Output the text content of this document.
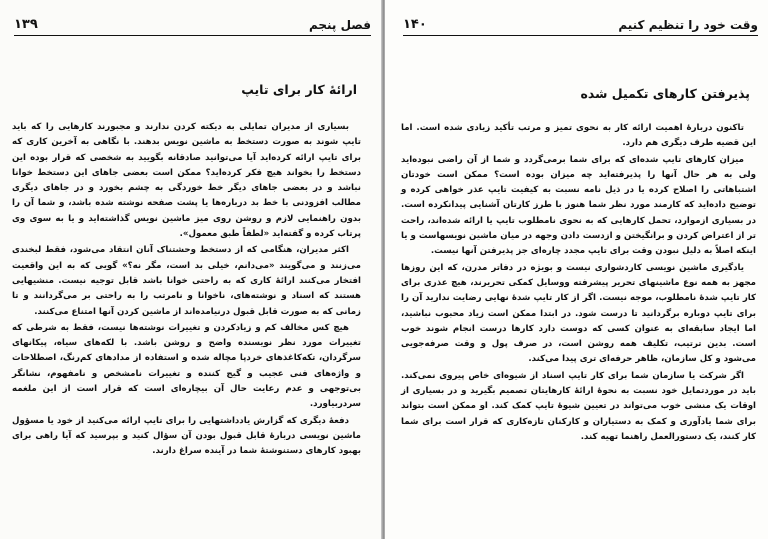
فصل پنجم
۱۳۹
ارائهٔ کار برای تایپ

بسیاری از مدیران تمایلی به دیکته کردن ندارند و مجبورند کارهایی را که باید تایپ شوند به صورت دستخط به ماشین نویس بدهند. با نگاهی به آخرین کاری که برای تایپ ارائه کرده‌اید آیا می‌توانید صادقانه بگویید به شخصی که قرار بوده این دستخط را بخواند هیچ فکر کرده‌اید؟ ممکن است بعضی جاهای این دستخط خوانا نباشد و در بعضی جاهای دیگر خط خوردگی به چشم بخورد و در جاهای دیگری مطالب افزودنی با خط بد درباره‌ها یا پشت صفحه نوشته شده باشد، و شما آن را بدون راهنمایی لازم و روشن روی میز ماشین نویس گذاشته‌اید و یا به سوی وی پرتاب کرده و گفته‌اید «لطفاً طبق معمول».

اکثر مدیران، هنگامی که از دستخط وحشتناک آنان انتقاد می‌شود، فقط لبخندی می‌زنند و می‌گویند «می‌دانم، خیلی بد است، مگر نه؟» گویی که به این واقعیت افتخار می‌کنند ارائهٔ کاری که به راحتی خوانا باشد قابل توجیه نیست. منشیهایی هستند که اسناد و نوشته‌های، ناخوانا و نامرتب را به راحتی بر می‌گردانند و تا زمانی که به صورت قابل قبول درنیامده‌اند از ماشین کردن آنها امتناع می‌کنند.

هیچ کس مخالف کم و زیادکردن و تغییرات نوشته‌ها نیست، فقط به شرطی که تغییرات مورد نظر نویسنده واضح و روشن باشد. با لکه‌های سیاه، پیکانهای سرگردان، تکه‌کاغذهای خردپا مچاله شده و استفاده از مدادهای کم‌رنگ، اصطلاحات و واژه‌های فنی عجیب و گیج کننده و تغییرات نامشخص و نامفهوم، نشانگر بی‌توجهی و عدم رعایت حال آن بیچاره‌ای است که قرار است از این ملغمه سردربیاورد.

دفعهٔ دیگری که گزارش یادداشتهایی را برای تایپ ارائه می‌کنید از خود یا مسؤول ماشین نویسی دربارهٔ قابل قبول بودن آن سؤال کنید و بپرسید که آیا راهی برای بهبود کارهای دستنوشتهٔ شما در آینده سراغ دارند.

وقت خود را تنظیم کنیم
۱۴۰
پذیرفتن کارهای تکمیل شده

تاکنون دربارهٔ اهمیت ارائه کار به نحوی تمیز و مرتب تأکید زیادی شده است. اما این قضیه طرف دیگری هم دارد.

میزان کارهای تایپ شده‌ای که برای شما برمی‌گردد و شما از آن راضی نبوده‌اید ولی به هر حال آنها را پذیرفته‌اید چه میزان بوده است؟ ممکن است خودتان اشتباهاتی را اصلاح کرده یا در ذیل نامه نسبت به کیفیت تایپ عذر خواهی کرده و توضیح داده‌اید که کارمند مورد نظر شما هنوز با طرز کارتان آشنایی پیدانکرده است. در بسیاری ازموارد، تحمل کارهایی که به نحوی نامطلوب تایپ یا ارائه شده‌اند، راحت تر از اعتراض کردن و برانگیختن و ازدست دادن وجهه در میان ماشین نویسهاست و یا اینکه اصلاً به دلیل نبودن وقت برای تایپ مجدد چاره‌ای جز پذیرفتن آنها نیست.

یادگیری ماشین نویسی کاردشواری نیست و بویژه در دفاتر مدرن، که این روزها مجهز به همه نوع ماشینهای تحریر پیشرفته ووسایل کمکی تحریرند، هیچ عذری برای کار تایپ شدهٔ نامطلوب، موجه نیست. اگر از کار تایپ شدهٔ نهایی رضایت ندارید آن را برای تایپ دوباره برگردانید تا درست شود. در ابتدا ممکن است زیاد محبوب نباشید، اما ایجاد سابقه‌ای به عنوان کسی که دوست دارد کارها درست انجام شوند خوب است. بدین ترتیب، تکلیف همه روشن است، در صرف پول و وقت صرفه‌جویی می‌شود و کل سازمان، ظاهر حرفه‌ای تری پیدا می‌کند.

اگر شرکت یا سازمان شما برای کار تایپ اسناد از شیوه‌ای خاص پیروی نمی‌کند. باید در موردتمایل خود نسبت به نحوهٔ ارائهٔ کارهایتان تصمیم بگیرید و در بسیاری از اوقات یک منشی خوب می‌تواند در تعیین شیوهٔ تایپ کمک کند. او ممکن است بتواند برای شما یادآوری و کمک به دستیاران و کارکنان تازه‌کاری که قرار است برای شما کار کنند، یک دستورالعمل راهنما تهیه کند.
